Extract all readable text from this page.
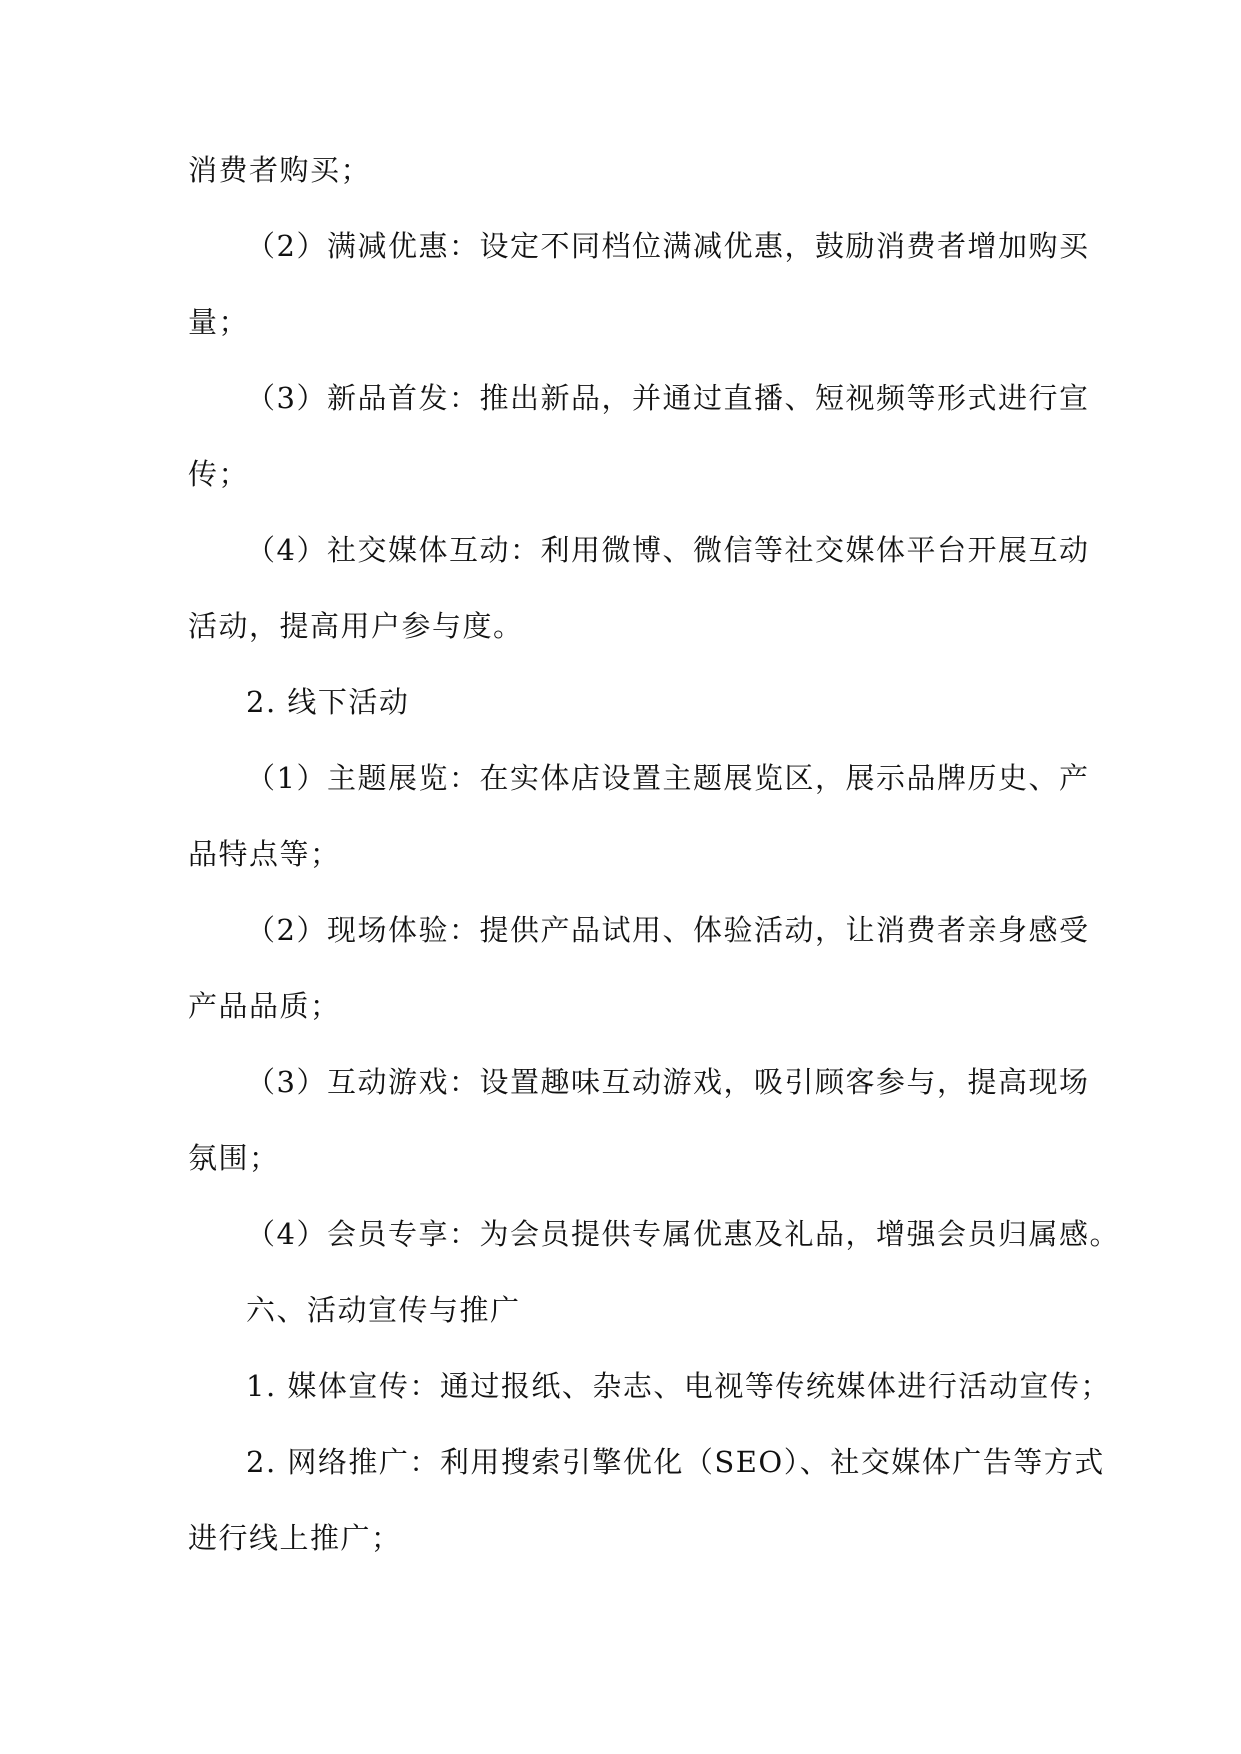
消费者购买；
（2）满减优惠：设定不同档位满减优惠，鼓励消费者增加购买
量；
（3）新品首发：推出新品，并通过直播、短视频等形式进行宣
传；
（4）社交媒体互动：利用微博、微信等社交媒体平台开展互动
活动，提高用户参与度。
2. 线下活动
（1）主题展览：在实体店设置主题展览区，展示品牌历史、产
品特点等；
（2）现场体验：提供产品试用、体验活动，让消费者亲身感受
产品品质；
（3）互动游戏：设置趣味互动游戏，吸引顾客参与，提高现场
氛围；
（4）会员专享：为会员提供专属优惠及礼品，增强会员归属感。
六、活动宣传与推广
1. 媒体宣传：通过报纸、杂志、电视等传统媒体进行活动宣传；
2. 网络推广：利用搜索引擎优化（SEO）、社交媒体广告等方式
进行线上推广；
